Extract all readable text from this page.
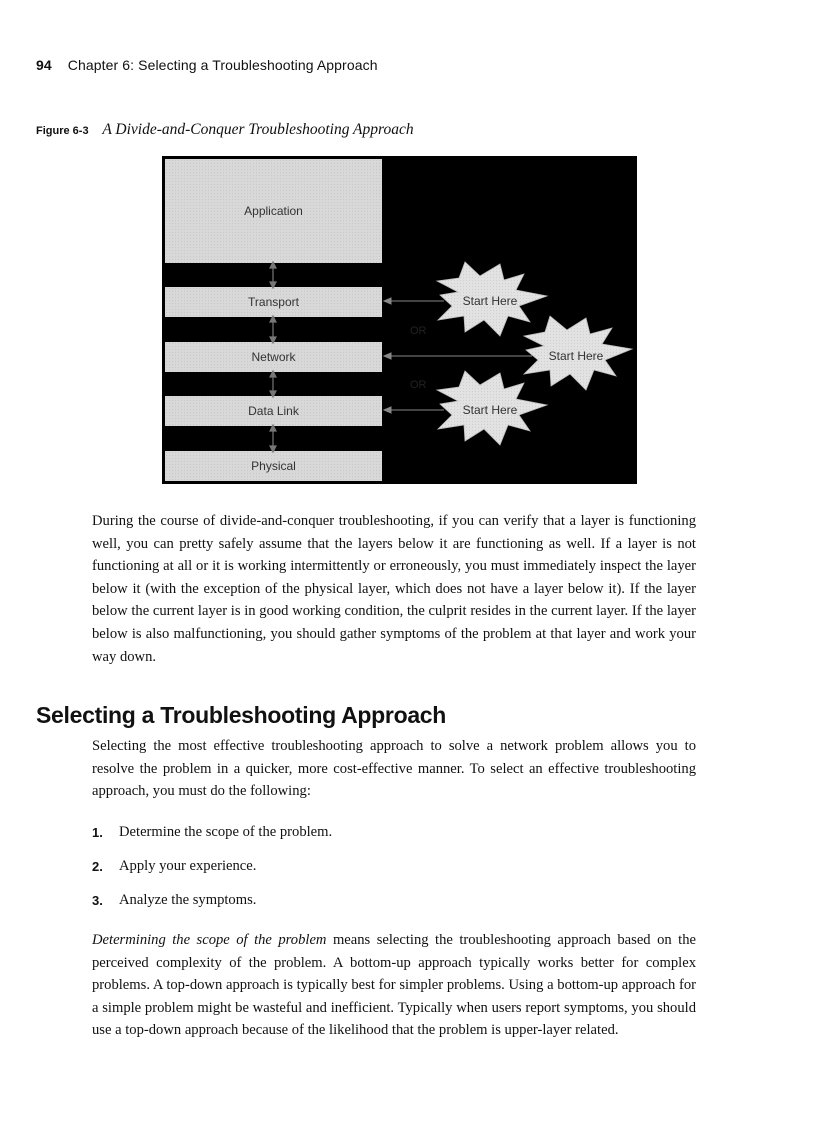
94 Chapter 6: Selecting a Troubleshooting Approach
Figure 6-3 A Divide-and-Conquer Troubleshooting Approach
Application
Transport
Network
Data Link
Physical
OR
OR
Start Here
Start Here
Start Here
During the course of divide-and-conquer troubleshooting, if you can verify that a layer is functioning well, you can pretty safely assume that the layers below it are functioning as well. If a layer is not functioning at all or it is working intermittently or erroneously, you must immediately inspect the layer below it (with the exception of the physical layer, which does not have a layer below it). If the layer below the current layer is in good working condition, the culprit resides in the current layer. If the layer below is also malfunctioning, you should gather symptoms of the problem at that layer and work your way down.
Selecting a Troubleshooting Approach
Selecting the most effective troubleshooting approach to solve a network problem allows you to resolve the problem in a quicker, more cost-effective manner. To select an effective troubleshooting approach, you must do the following:
1.	Determine the scope of the problem.
2.	Apply your experience.
3.	Analyze the symptoms.
Determining the scope of the problem means selecting the troubleshooting approach based on the perceived complexity of the problem. A bottom-up approach typically works better for complex problems. A top-down approach is typically best for simpler problems. Using a bottom-up approach for a simple problem might be wasteful and inefficient. Typically when users report symptoms, you should use a top-down approach because of the likelihood that the problem is upper-layer related.
